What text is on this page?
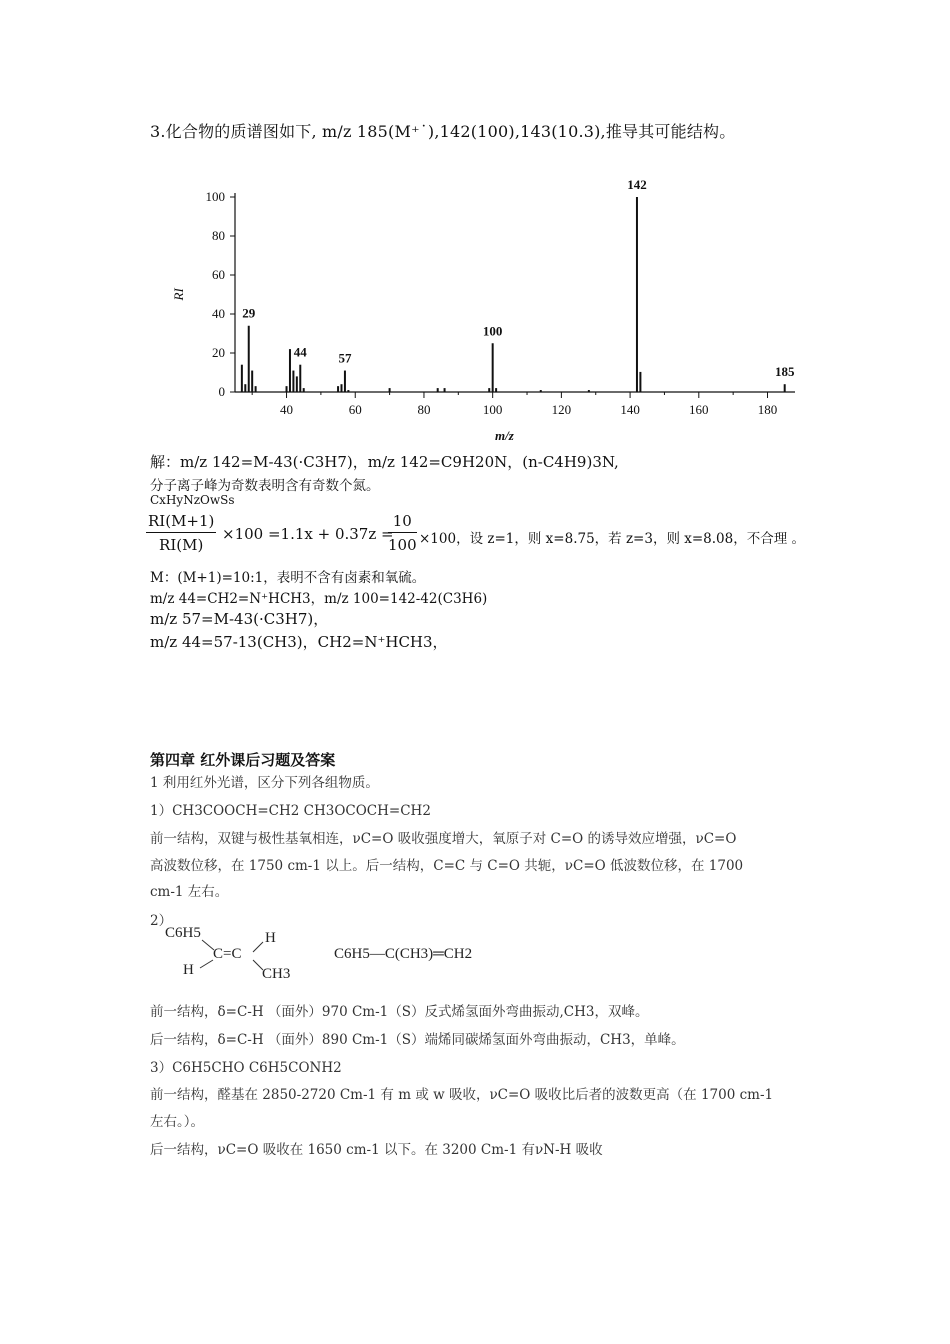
3.化合物的质谱图如下, m/z 185(M⁺˙),142(100),143(10.3),推导其可能结构。
0
20
40
60
80
100
40	60	80	100	120	140	160	180
RI
m/z
29
44 57
100
142
185
解：m/z 142=M-43(·C3H7)，m/z 142=C9H20N，(n-C4H9)3N,
分子离子峰为奇数表明含有奇数个氮。
CxHyNzOwSs
$\frac{RI(M+1)}{RI(M)} \times 100 =1.1x + 0.37z$ =
$\frac{10}{100} \times 100$，设 z=1，则 x=8.75，若 z=3，则 x=8.08，不合理 。
M：(M+1)=10:1，表明不含有卤素和氧硫。
m/z 44=CH2=N⁺HCH3，m/z 100=142-42(C3H6)
m/z 57=M-43(·C3H7)，
m/z 44=57-13(CH3)，CH2=N⁺HCH3，
第四章 红外课后习题及答案
1 利用红外光谱，区分下列各组物质。
1）CH3COOCH=CH2 CH3OCOCH=CH2
前一结构，双键与极性基氧相连，νC=O 吸收强度增大，氧原子对 C=O 的诱导效应增强，νC=O
高波数位移，在 1750 cm-1 以上。后一结构，C=C 与 C=O 共轭，νC=O 低波数位移，在 1700
cm-1 左右。
2）
C6H5	H
C=C
H	CH3
C6H5—C(CH3)═CH2
前一结构，δ=C-H （面外）970 Cm-1（S）反式烯氢面外弯曲振动,CH3，双峰。
后一结构，δ=C-H （面外）890 Cm-1（S）端烯同碳烯氢面外弯曲振动，CH3，单峰。
3）C6H5CHO C6H5CONH2
前一结构，醛基在 2850-2720 Cm-1 有 m 或 w 吸收，νC=O 吸收比后者的波数更高（在 1700 cm-1
左右。）。
后一结构，νC=O 吸收在 1650 cm-1 以下。在 3200 Cm-1 有νN-H 吸收
